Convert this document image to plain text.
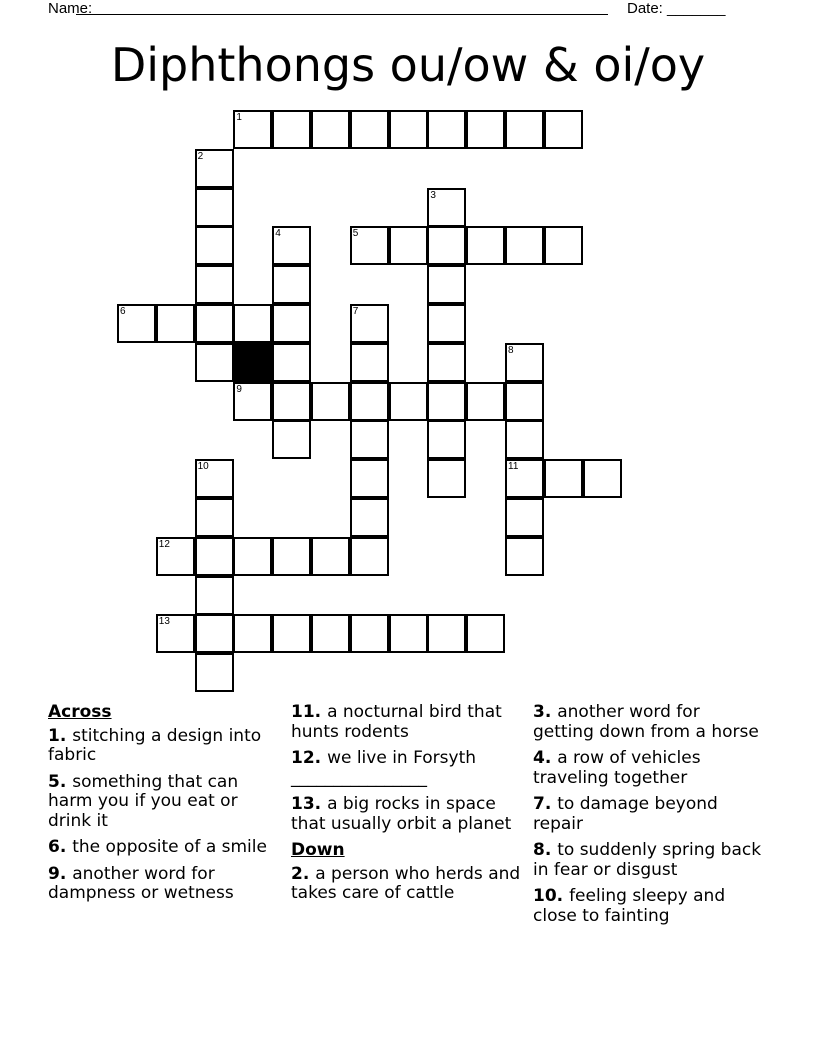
Name:	Date: _______
Diphthongs ou/ow & oi/oy
1
5
6
9
11
12
13
2
3
4
7
8
10
Across
1. stitching a design into fabric
5. something that can harm you if you eat or drink it
6. the opposite of a smile
9. another word for dampness or wetness
11. a nocturnal bird that hunts rodents
12. we live in Forsyth ________________
13. a big rocks in space that usually orbit a planet
Down
2. a person who herds and takes care of cattle
3. another word for getting down from a horse
4. a row of vehicles traveling together
7. to damage beyond repair
8. to suddenly spring back in fear or disgust
10. feeling sleepy and close to fainting
